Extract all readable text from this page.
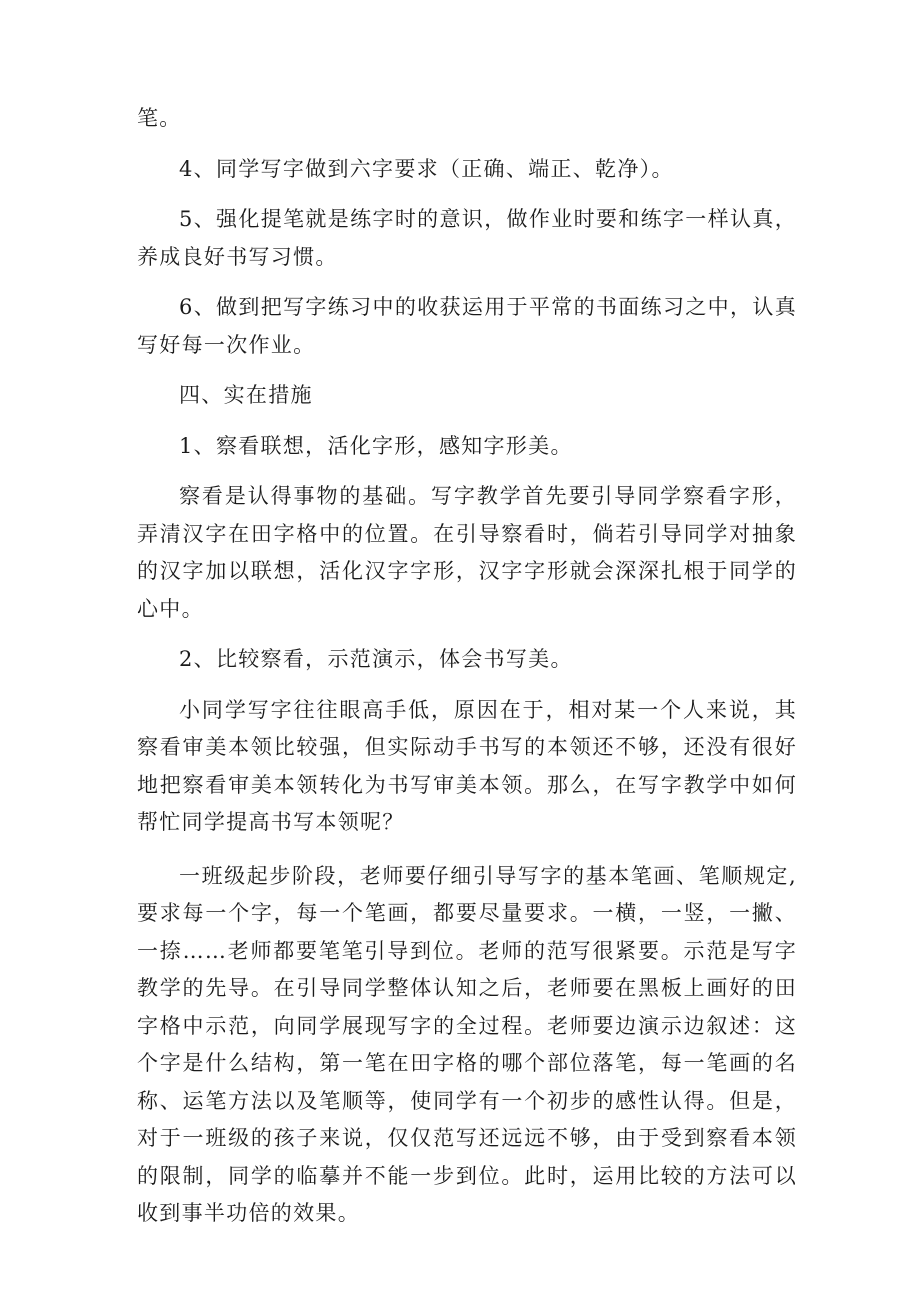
笔。

4、同学写字做到六字要求（正确、端正、乾净）。

5、强化提笔就是练字时的意识，做作业时要和练字一样认真，养成良好书写习惯。

6、做到把写字练习中的收获运用于平常的书面练习之中，认真写好每一次作业。

四、实在措施

1、察看联想，活化字形，感知字形美。

察看是认得事物的基础。写字教学首先要引导同学察看字形，弄清汉字在田字格中的位置。在引导察看时，倘若引导同学对抽象的汉字加以联想，活化汉字字形，汉字字形就会深深扎根于同学的心中。

2、比较察看，示范演示，体会书写美。

小同学写字往往眼高手低，原因在于，相对某一个人来说，其察看审美本领比较强，但实际动手书写的本领还不够，还没有很好地把察看审美本领转化为书写审美本领。那么，在写字教学中如何帮忙同学提高书写本领呢？

一班级起步阶段，老师要仔细引导写字的基本笔画、笔顺规定,要求每一个字，每一个笔画，都要尽量要求。一横，一竖，一撇、一捺……老师都要笔笔引导到位。老师的范写很紧要。示范是写字教学的先导。在引导同学整体认知之后，老师要在黑板上画好的田字格中示范，向同学展现写字的全过程。老师要边演示边叙述：这个字是什么结构，第一笔在田字格的哪个部位落笔，每一笔画的名称、运笔方法以及笔顺等，使同学有一个初步的感性认得。但是，对于一班级的孩子来说，仅仅范写还远远不够，由于受到察看本领的限制，同学的临摹并不能一步到位。此时，运用比较的方法可以收到事半功倍的效果。
